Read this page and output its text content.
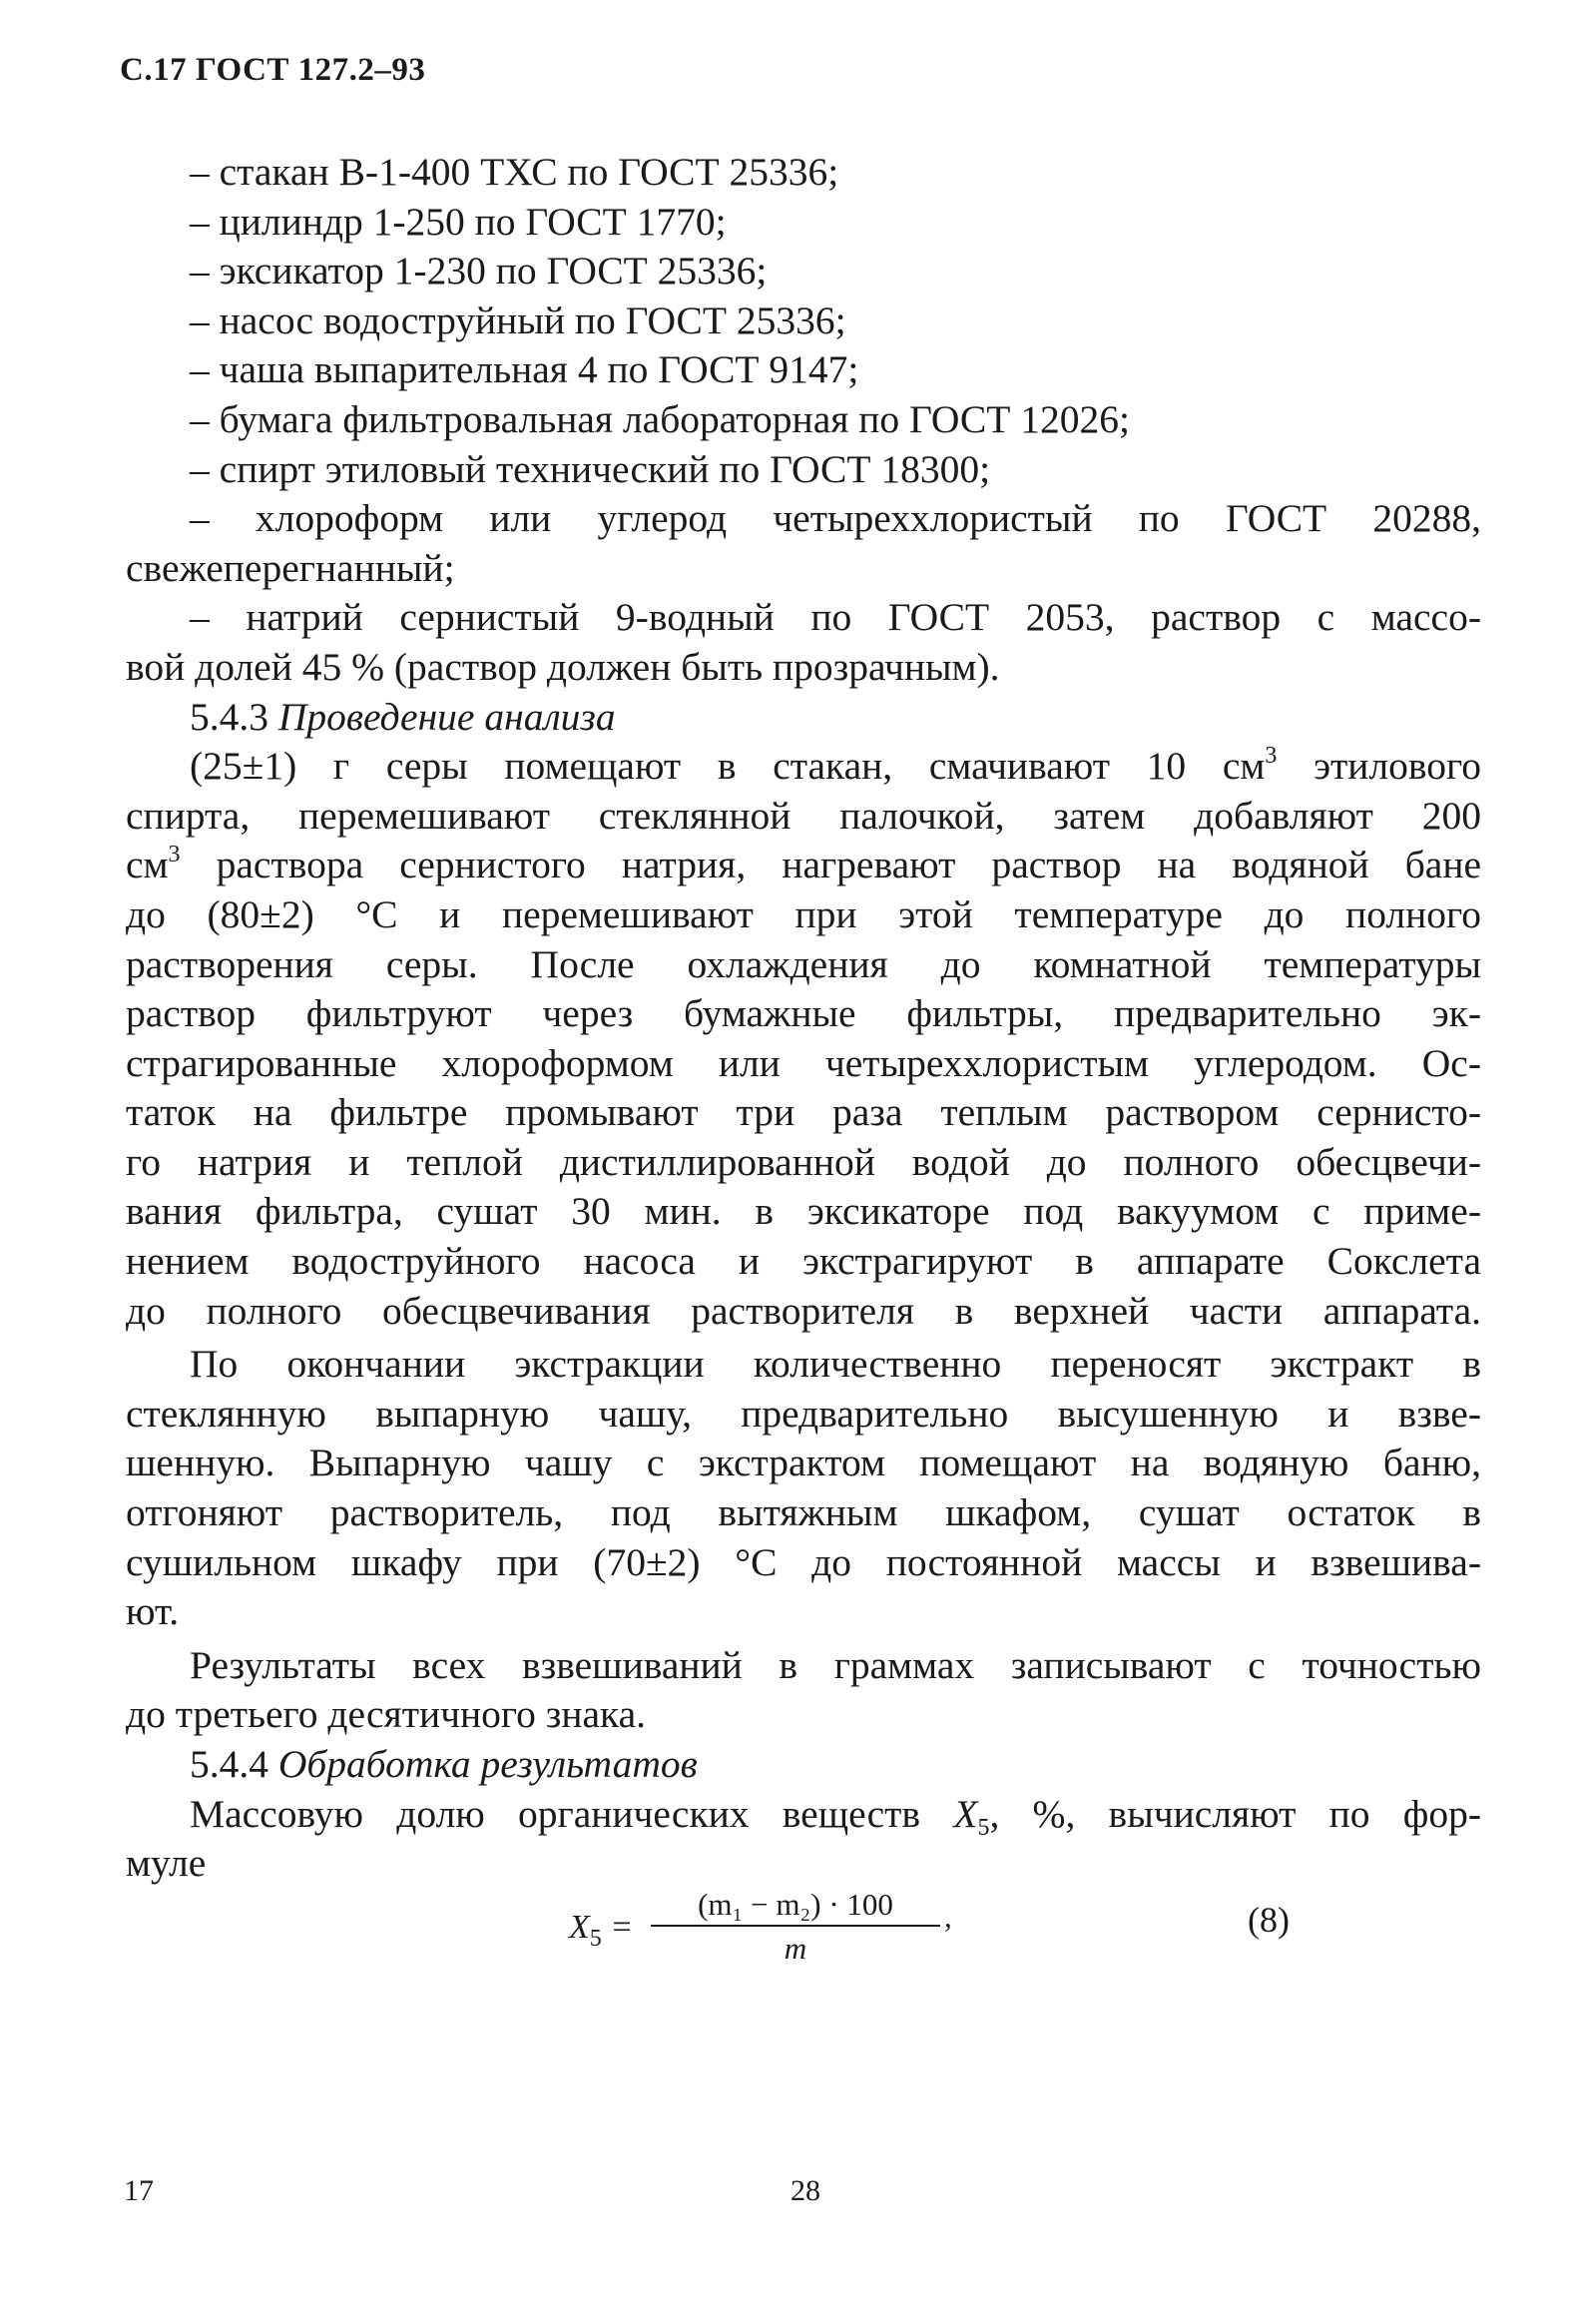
С.17 ГОСТ 127.2–93
– стакан В-1-400 ТХС по ГОСТ 25336;
– цилиндр 1-250 по ГОСТ 1770;
– эксикатор 1-230 по ГОСТ 25336;
– насос водоструйный по ГОСТ 25336;
– чаша выпарительная 4 по ГОСТ 9147;
– бумага фильтровальная лабораторная по ГОСТ 12026;
– спирт этиловый технический по ГОСТ 18300;
– хлороформ или углерод четыреххлористый по ГОСТ 20288,
свежеперегнанный;
– натрий сернистый 9-водный по ГОСТ 2053, раствор с массо-
вой долей 45 % (раствор должен быть прозрачным).
5.4.3 Проведение анализа
(25±1) г серы помещают в стакан, смачивают 10 $см^3$ этилового
спирта, перемешивают стеклянной палочкой, затем добавляют 200
$см^3$ раствора сернистого натрия, нагревают раствор на водяной бане
до (80±2) °С и перемешивают при этой температуре до полного
растворения серы. После охлаждения до комнатной температуры
раствор фильтруют через бумажные фильтры, предварительно эк-
страгированные хлороформом или четыреххлористым углеродом. Ос-
таток на фильтре промывают три раза теплым раствором сернисто-
го натрия и теплой дистиллированной водой до полного обесцвечи-
вания фильтра, сушат 30 мин. в эксикаторе под вакуумом с приме-
нением водоструйного насоса и экстрагируют в аппарате Сокслета
до полного обесцвечивания растворителя в верхней части аппарата.
По окончании экстракции количественно переносят экстракт в
стеклянную выпарную чашу, предварительно высушенную и взве-
шенную. Выпарную чашу с экстрактом помещают на водяную баню,
отгоняют растворитель, под вытяжным шкафом, сушат остаток в
сушильном шкафу при (70±2) °С до постоянной массы и взвешива-
ют.
Результаты всех взвешиваний в граммах записывают с точностью
до третьего десятичного знака.
5.4.4 Обработка результатов
Массовую долю органических веществ $X_5$, %, вычисляют по фор-
муле
$X_5 = \frac{\text{(m₁ − m₂) · 100}}{m}$ ,	(8)
17	28
